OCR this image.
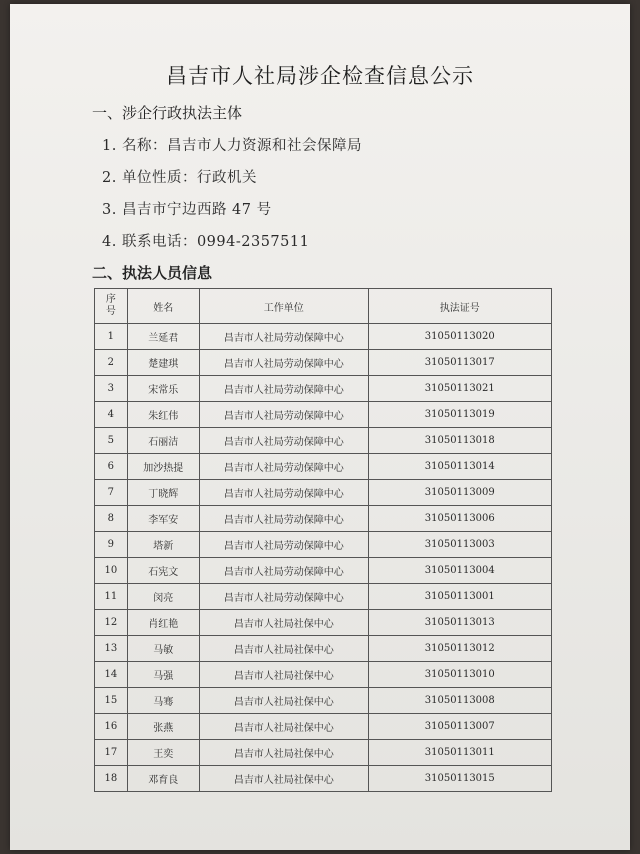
昌吉市人社局涉企检查信息公示
一、涉企行政执法主体
1. 名称：昌吉市人力资源和社会保障局
2. 单位性质：行政机关
3. 昌吉市宁边西路 47 号
4. 联系电话：0994-2357511
二、执法人员信息
序号	姓名	工作单位	执法证号
1	兰延君	昌吉市人社局劳动保障中心	31050113020
2	楚建琪	昌吉市人社局劳动保障中心	31050113017
3	宋常乐	昌吉市人社局劳动保障中心	31050113021
4	朱红伟	昌吉市人社局劳动保障中心	31050113019
5	石丽洁	昌吉市人社局劳动保障中心	31050113018
6	加沙热提	昌吉市人社局劳动保障中心	31050113014
7	丁晓辉	昌吉市人社局劳动保障中心	31050113009
8	李军安	昌吉市人社局劳动保障中心	31050113006
9	塔新	昌吉市人社局劳动保障中心	31050113003
10	石宪文	昌吉市人社局劳动保障中心	31050113004
11	闵亮	昌吉市人社局劳动保障中心	31050113001
12	肖红艳	昌吉市人社局社保中心	31050113013
13	马敏	昌吉市人社局社保中心	31050113012
14	马强	昌吉市人社局社保中心	31050113010
15	马骞	昌吉市人社局社保中心	31050113008
16	张燕	昌吉市人社局社保中心	31050113007
17	王奕	昌吉市人社局社保中心	31050113011
18	邓育良	昌吉市人社局社保中心	31050113015
